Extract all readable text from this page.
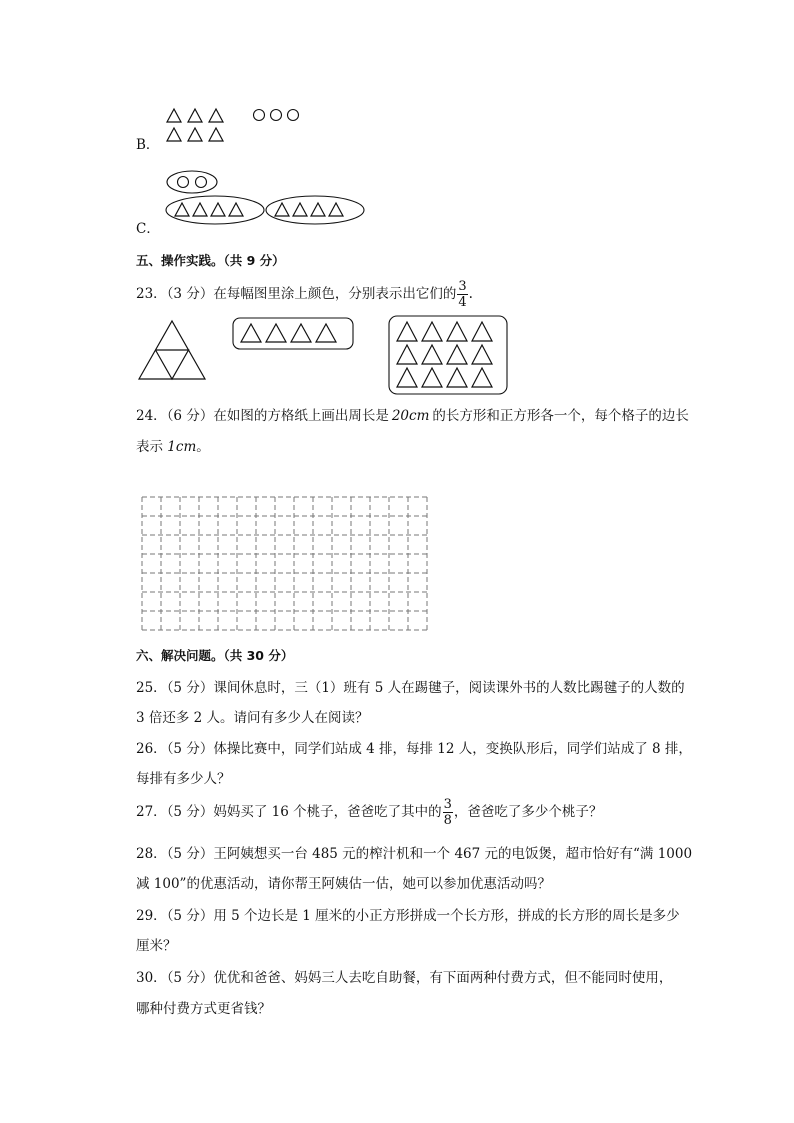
B．
C．
五、操作实践。（共 9 分）
23．（3 分）在每幅图里涂上颜色，分别表示出它们的 $\frac{3}{4}$ .
24．（6 分）在如图的方格纸上画出周长是 20cm 的长方形和正方形各一个，每个格子的边长
表示 1cm。
六、解决问题。（共 30 分）
25．（5 分）课间休息时，三（1）班有 5 人在踢毽子，阅读课外书的人数比踢毽子的人数的
3 倍还多 2 人。请问有多少人在阅读？
26．（5 分）体操比赛中，同学们站成 4 排，每排 12 人，变换队形后，同学们站成了 8 排，
每排有多少人？
27．（5 分）妈妈买了 16 个桃子，爸爸吃了其中的 $\frac{3}{8}$ ，爸爸吃了多少个桃子？
28．（5 分）王阿姨想买一台 485 元的榨汁机和一个 467 元的电饭煲，超市恰好有“满 1000
减 100”的优惠活动，请你帮王阿姨估一估，她可以参加优惠活动吗？
29．（5 分）用 5 个边长是 1 厘米的小正方形拼成一个长方形，拼成的长方形的周长是多少
厘米？
30．（5 分）优优和爸爸、妈妈三人去吃自助餐，有下面两种付费方式，但不能同时使用，
哪种付费方式更省钱？
